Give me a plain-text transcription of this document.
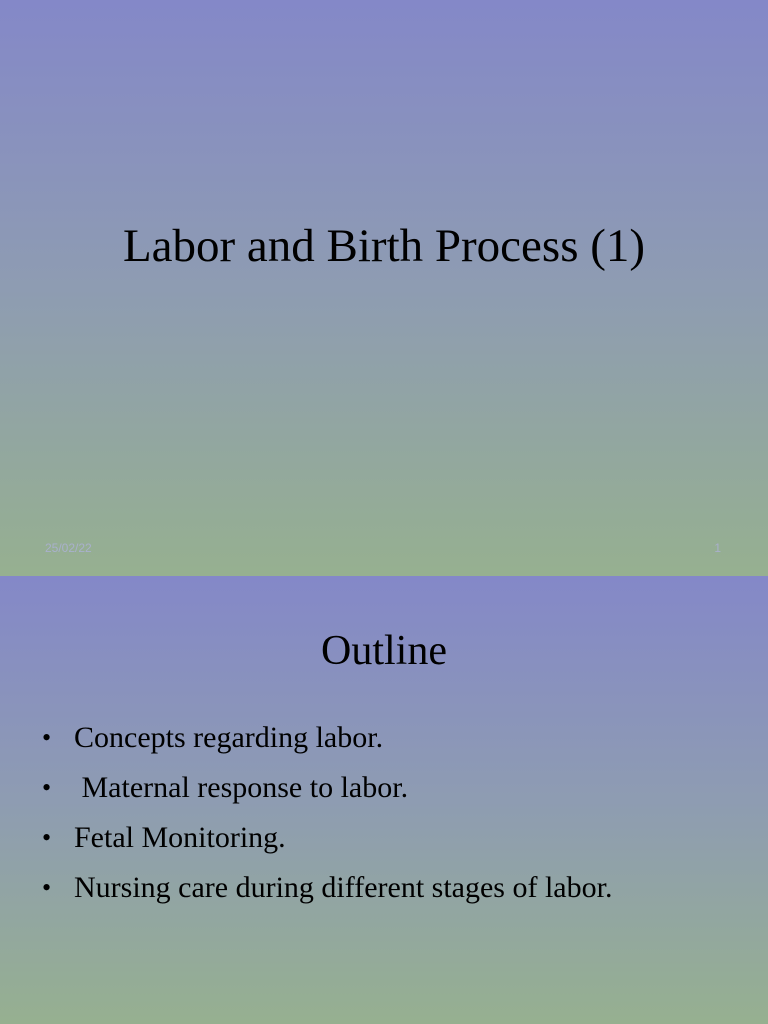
Labor and Birth Process (1)
25/02/22	1
Outline
• Concepts regarding labor.
• Maternal response to labor.
• Fetal Monitoring.
• Nursing care during different stages of labor.
